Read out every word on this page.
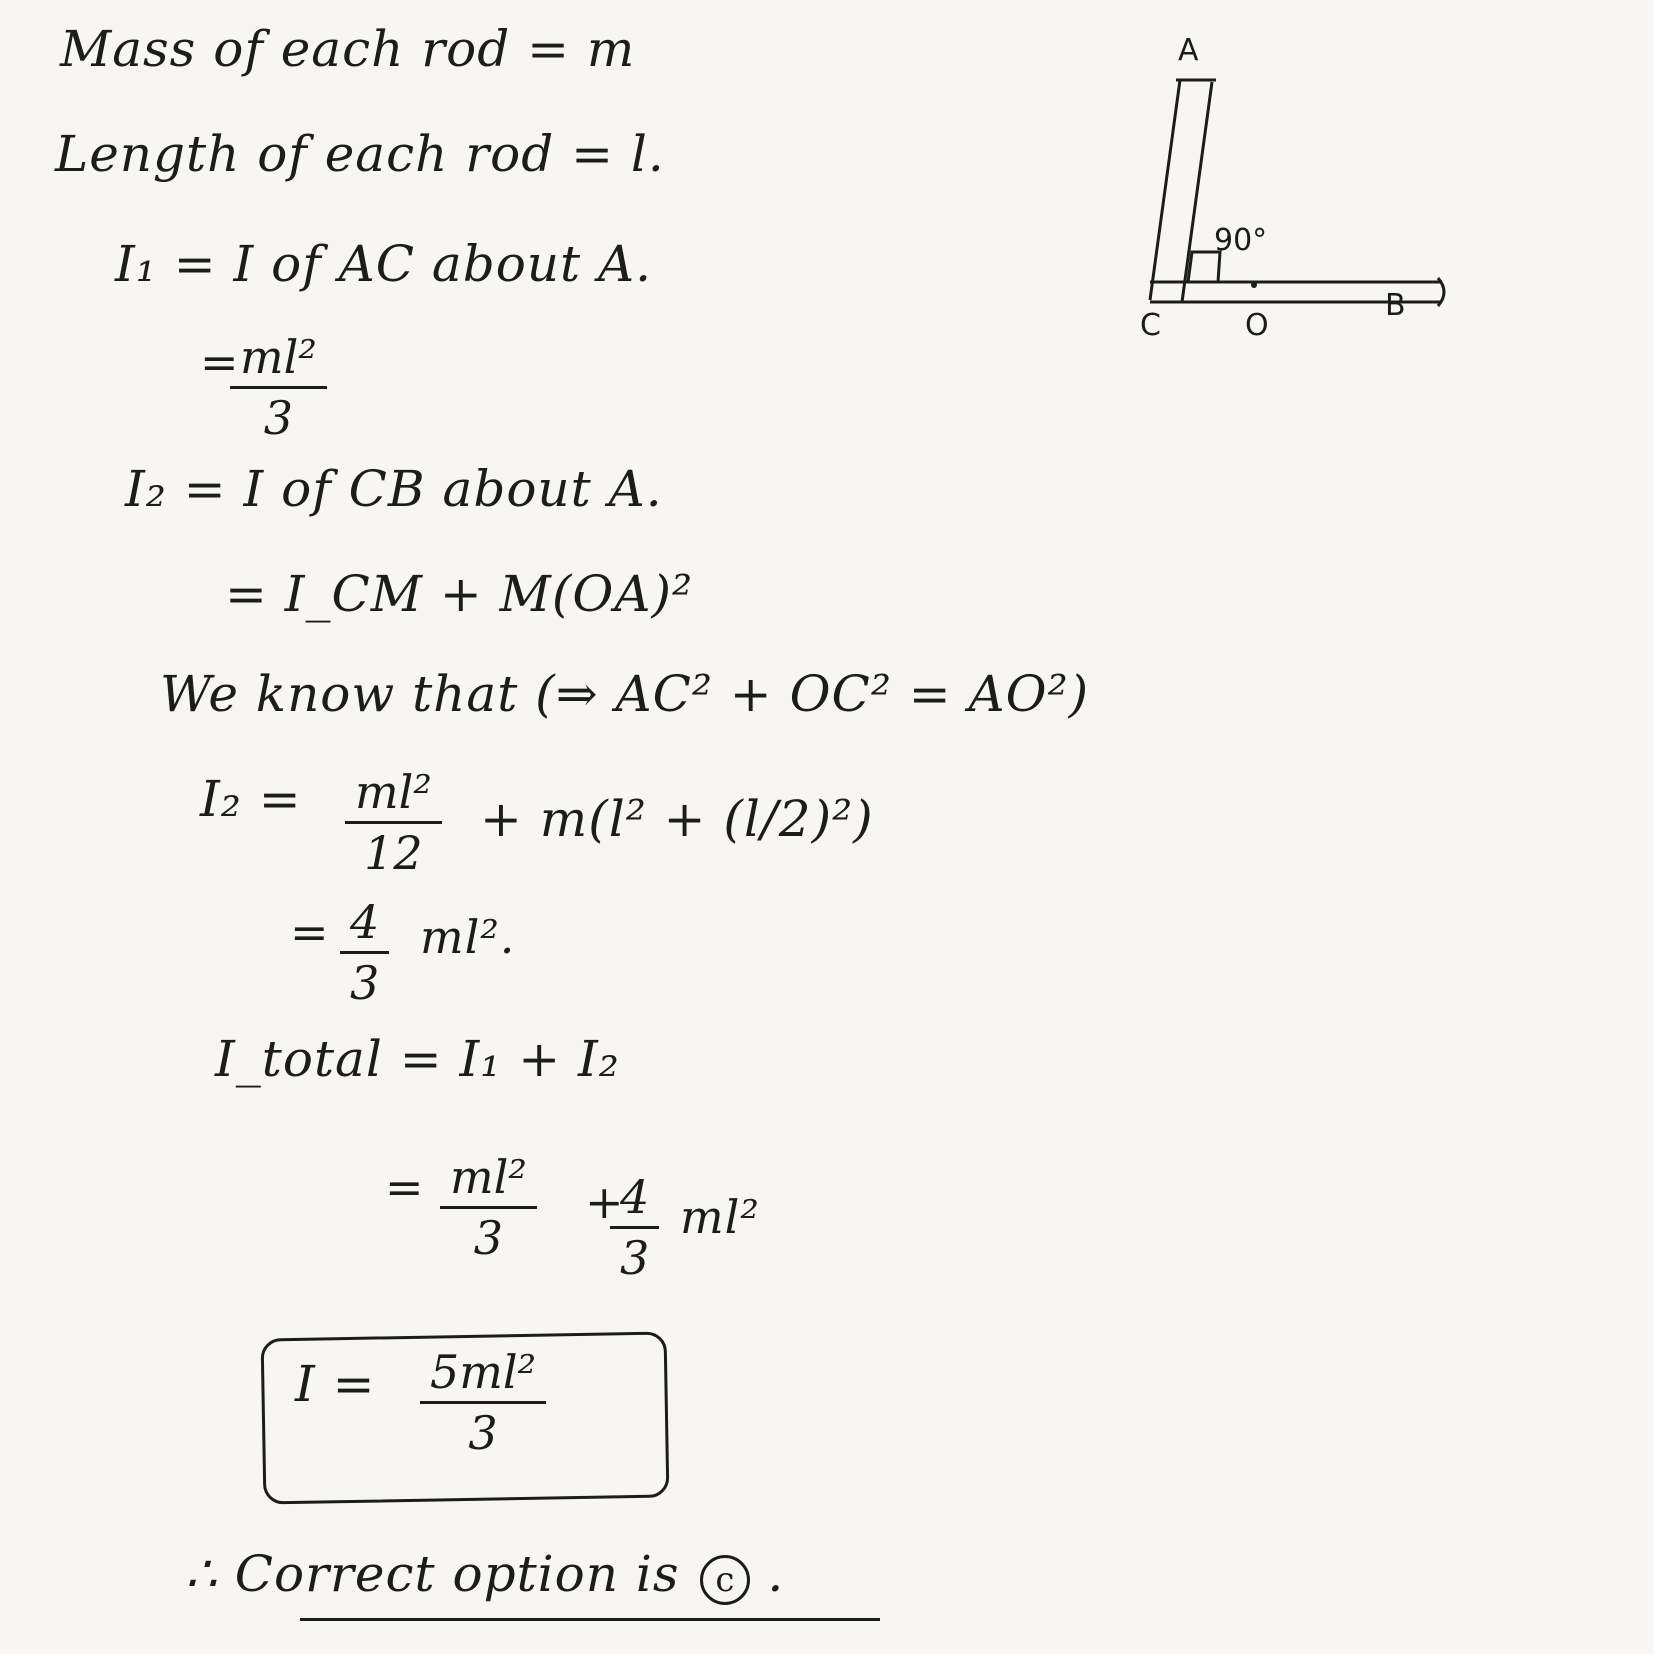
Mass of each rod = m
Length of each rod = l.
I₁ = I of AC about A.
$\frac{\text{ml²}}{3}$
=
I₂ = I of CB about A.
= I_CM + M(OA)²
We know that (⇒ AC² + OC² = AO²)
$I_2 = \frac{\text{ml²}}{12} + m(l^2 + (l/2)^2)$
= $\frac{4}{3} ml^2$.
I_total = I₁ + I₂
= $\frac{\text{ml²}}{3}$ +
$\frac{4}{3} ml^2$
$I = \frac{\text{5ml²}}{3}$
∴ Correct option is c .
A
B
C	O
90°
